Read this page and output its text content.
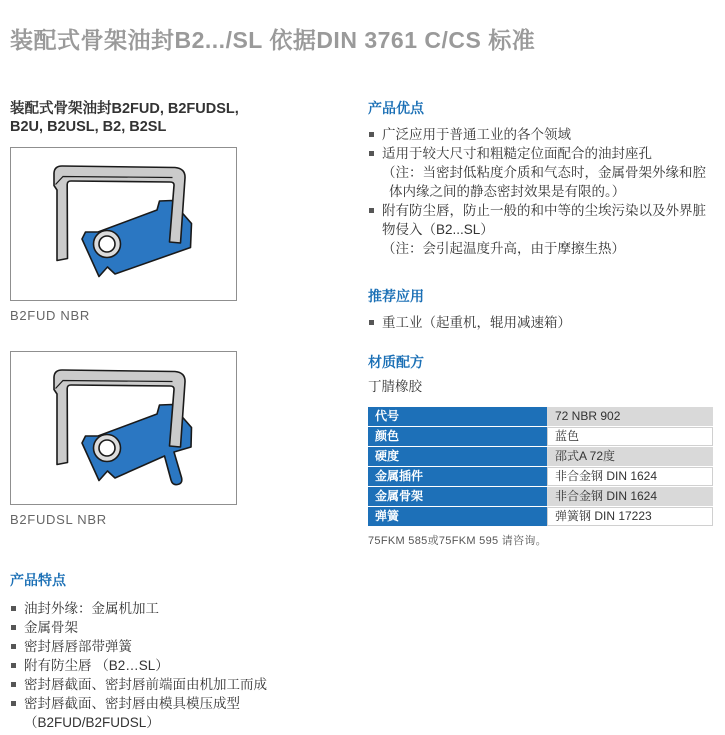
装配式骨架油封B2.../SL 依据DIN 3761 C/CS 标准
装配式骨架油封B2FUD, B2FUDSL,
B2U, B2USL, B2, B2SL
B2FUD NBR
B2FUDSL NBR
产品特点
油封外缘：金属机加工
金属骨架
密封唇唇部带弹簧
附有防尘唇 （B2…SL）
密封唇截面、密封唇前端面由机加工而成
密封唇截面、密封唇由模具模压成型
（B2FUD/B2FUDSL）
产品优点
广泛应用于普通工业的各个领域
适用于较大尺寸和粗糙定位面配合的油封座孔
（注：当密封低粘度介质和气态时，金属骨架外缘和腔
体内缘之间的静态密封效果是有限的。）
附有防尘唇，防止一般的和中等的尘埃污染以及外界脏
物侵入（B2...SL）
（注：会引起温度升高，由于摩擦生热）
推荐应用
重工业（起重机，辊用减速箱）
材质配方
丁腈橡胶
代号	72 NBR 902
颜色	蓝色
硬度	邵式A 72度
金属插件	非合金钢 DIN 1624
金属骨架	非合金钢 DIN 1624
弹簧	弹簧钢 DIN 17223
75FKM 585或75FKM 595 请咨询。
